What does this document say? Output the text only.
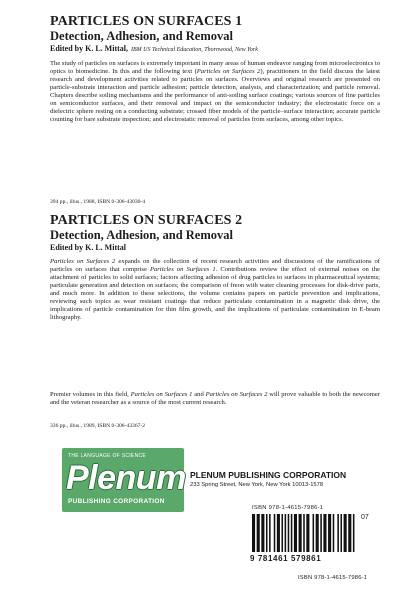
PARTICLES ON SURFACES 1
Detection, Adhesion, and Removal
Edited by K. L. Mittal, IBM US Technical Education, Thornwood, New York

The study of particles on surfaces is extremely important in many areas of human endeavor ranging from microelectronics to optics to biomedicine. In this and the following text (Particles on Surfaces 2), practitioners in the field discuss the latest research and development activities related to particles on surfaces. Overviews and original research are presented on particle-substrate interaction and particle adhesion; particle detection, analysis, and characterization; and particle removal. Chapters describe soiling mechanisms and the performance of anti-soiling surface coatings; various sources of fine particles on semiconductor surfaces, and their removal and impact on the semiconductor industry; the electrostatic force on a dielectric sphere resting on a conducting substrate; crossed fiber models of the particle–surface interaction; accurate particle counting for bare substrate inspection; and electrostatic removal of particles from surfaces, among other topics.

394 pp., illus., 1988, ISBN 0-306-43030-4
PARTICLES ON SURFACES 2
Detection, Adhesion, and Removal
Edited by K. L. Mittal

Particles on Surfaces 2 expands on the collection of recent research activities and discussions of the ramifications of particles on surfaces that comprise Particles on Surfaces 1. Contributions review the effect of external noises on the attachment of particles to solid surfaces; factors affecting adhesion of drug particles to surfaces in pharmaceutical systems; particulate generation and detection on surfaces; the comparison of freon with water cleaning processes for disk-drive parts, and much more. In addition to these selections, the volume contains papers on particle prevention and implications, reviewing such topics as wear resistant coatings that reduce particulate contamination in a magnetic disk drive, the implications of particle contamination for thin film growth, and the implications of particulate contamination in E-beam lithography.

Premier volumes in this field, Particles on Surfaces 1 and Particles on Surfaces 2 will prove valuable to both the newcomer and the veteran researcher as a source of the most current research.

336 pp., illus., 1989, ISBN 0-306-43367-2
THE LANGUAGE OF SCIENCE
Plenum
PUBLISHING CORPORATION
PLENUM PUBLISHING CORPORATION
233 Spring Street, New York, New York 10013-1578
ISBN 978-1-4615-7986-1
07
9 781461 579861
ISBN 978-1-4615-7986-1
